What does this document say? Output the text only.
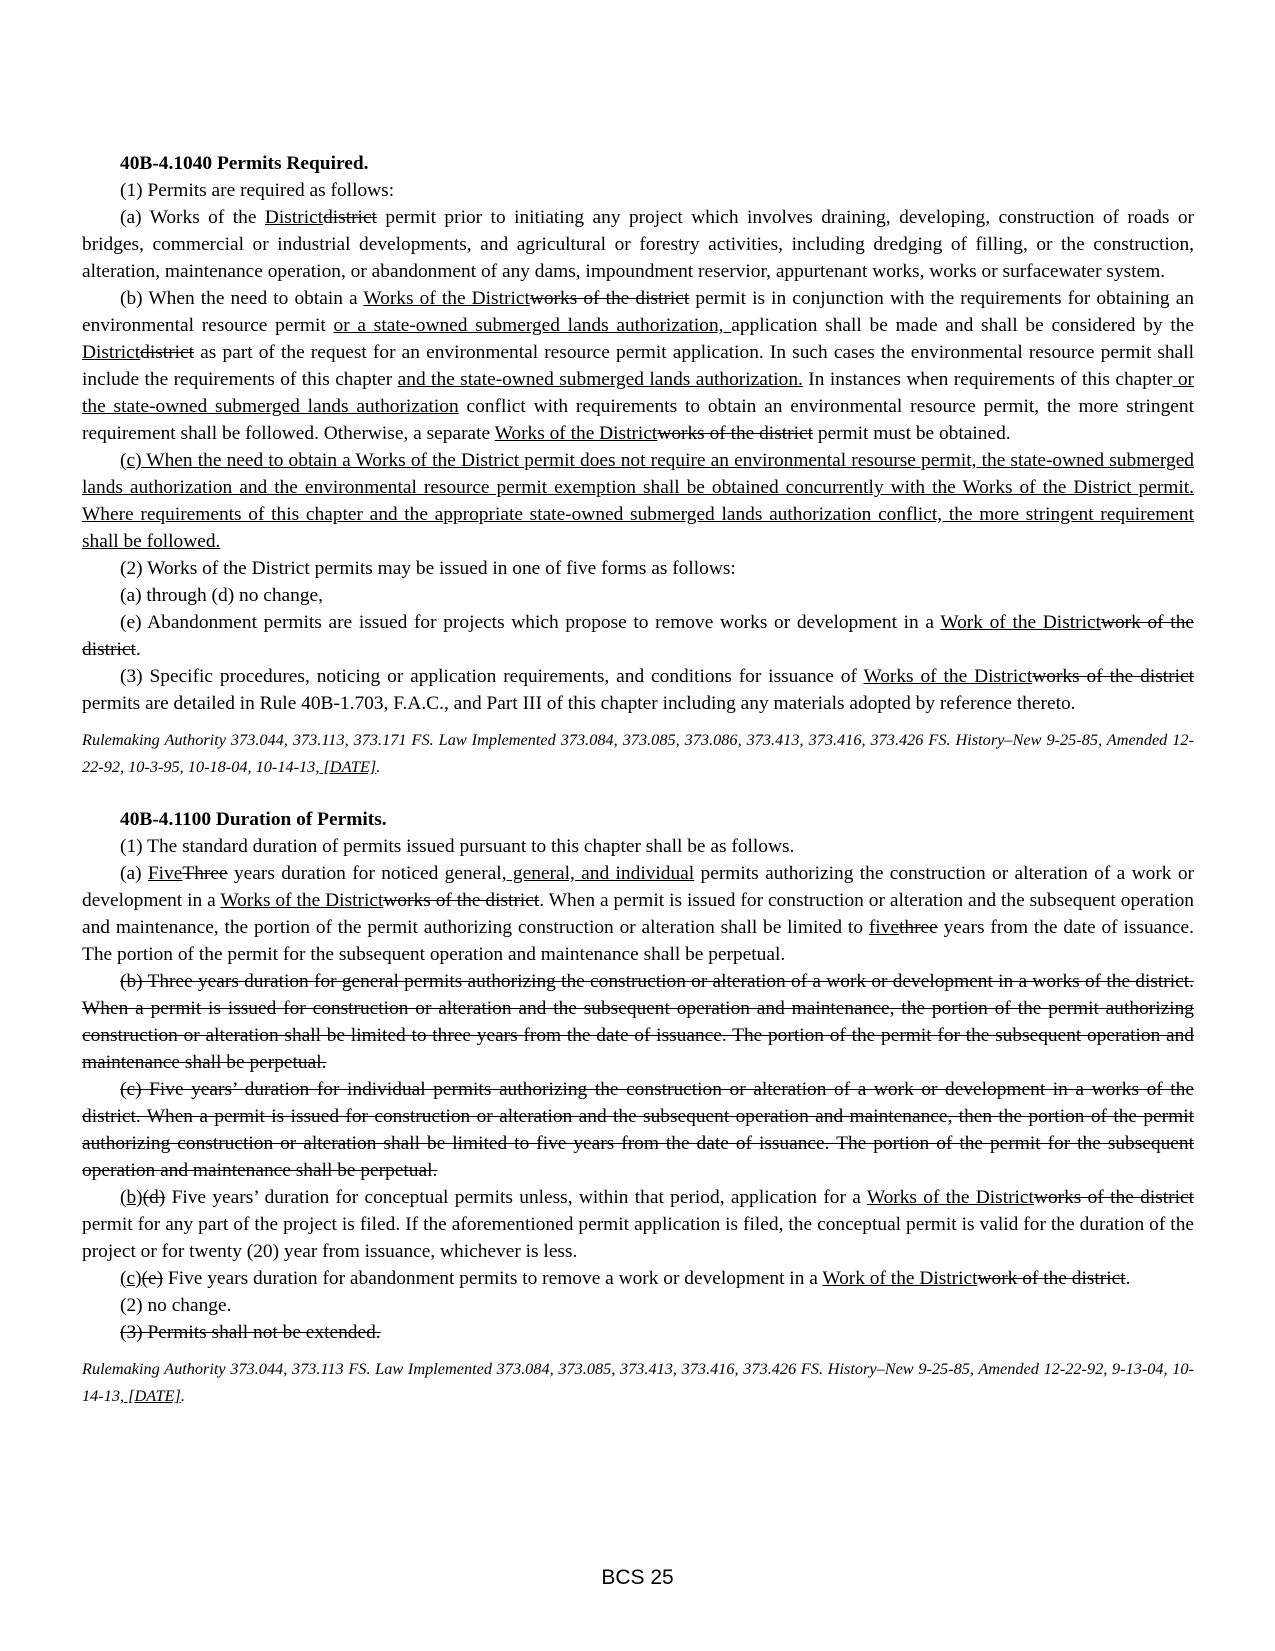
40B-4.1040 Permits Required.

(1) Permits are required as follows:

(a) Works of the Districtdistrict permit prior to initiating any project which involves draining, developing, construction of roads or bridges, commercial or industrial developments, and agricultural or forestry activities, including dredging of filling, or the construction, alteration, maintenance operation, or abandonment of any dams, impoundment reservior, appurtenant works, works or surfacewater system.

(b) When the need to obtain a Works of the Districtworks of the district permit is in conjunction with the requirements for obtaining an environmental resource permit or a state-owned submerged lands authorization, application shall be made and shall be considered by the Districtdistrict as part of the request for an environmental resource permit application. In such cases the environmental resource permit shall include the requirements of this chapter and the state-owned submerged lands authorization. In instances when requirements of this chapter or the state-owned submerged lands authorization conflict with requirements to obtain an environmental resource permit, the more stringent requirement shall be followed. Otherwise, a separate Works of the Districtworks of the district permit must be obtained.

(c) When the need to obtain a Works of the District permit does not require an environmental resourse permit, the state-owned submerged lands authorization and the environmental resource permit exemption shall be obtained concurrently with the Works of the District permit. Where requirements of this chapter and the appropriate state-owned submerged lands authorization conflict, the more stringent requirement shall be followed.

(2) Works of the District permits may be issued in one of five forms as follows:

(a) through (d) no change,

(e) Abandonment permits are issued for projects which propose to remove works or development in a Work of the Districtwork of the district.

(3) Specific procedures, noticing or application requirements, and conditions for issuance of Works of the Districtworks of the district permits are detailed in Rule 40B-1.703, F.A.C., and Part III of this chapter including any materials adopted by reference thereto.

Rulemaking Authority 373.044, 373.113, 373.171 FS. Law Implemented 373.084, 373.085, 373.086, 373.413, 373.416, 373.426 FS. History–New 9-25-85, Amended 12-22-92, 10-3-95, 10-18-04, 10-14-13, [DATE].

40B-4.1100 Duration of Permits.

(1) The standard duration of permits issued pursuant to this chapter shall be as follows.

(a) FiveThree years duration for noticed general, general, and individual permits authorizing the construction or alteration of a work or development in a Works of the Districtworks of the district. When a permit is issued for construction or alteration and the subsequent operation and maintenance, the portion of the permit authorizing construction or alteration shall be limited to fivethree years from the date of issuance. The portion of the permit for the subsequent operation and maintenance shall be perpetual.

(b) Three years duration for general permits authorizing the construction or alteration of a work or development in a works of the district. When a permit is issued for construction or alteration and the subsequent operation and maintenance, the portion of the permit authorizing construction or alteration shall be limited to three years from the date of issuance. The portion of the permit for the subsequent operation and maintenance shall be perpetual.

(c) Five years’ duration for individual permits authorizing the construction or alteration of a work or development in a works of the district. When a permit is issued for construction or alteration and the subsequent operation and maintenance, then the portion of the permit authorizing construction or alteration shall be limited to five years from the date of issuance. The portion of the permit for the subsequent operation and maintenance shall be perpetual.

(b)(d) Five years’ duration for conceptual permits unless, within that period, application for a Works of the Districtworks of the district permit for any part of the project is filed. If the aforementioned permit application is filed, the conceptual permit is valid for the duration of the project or for twenty (20) year from issuance, whichever is less.

(c)(e) Five years duration for abandonment permits to remove a work or development in a Work of the Districtwork of the district.

(2) no change.

(3) Permits shall not be extended.

Rulemaking Authority 373.044, 373.113 FS. Law Implemented 373.084, 373.085, 373.413, 373.416, 373.426 FS. History–New 9-25-85, Amended 12-22-92, 9-13-04, 10-14-13, [DATE].

BCS 25
